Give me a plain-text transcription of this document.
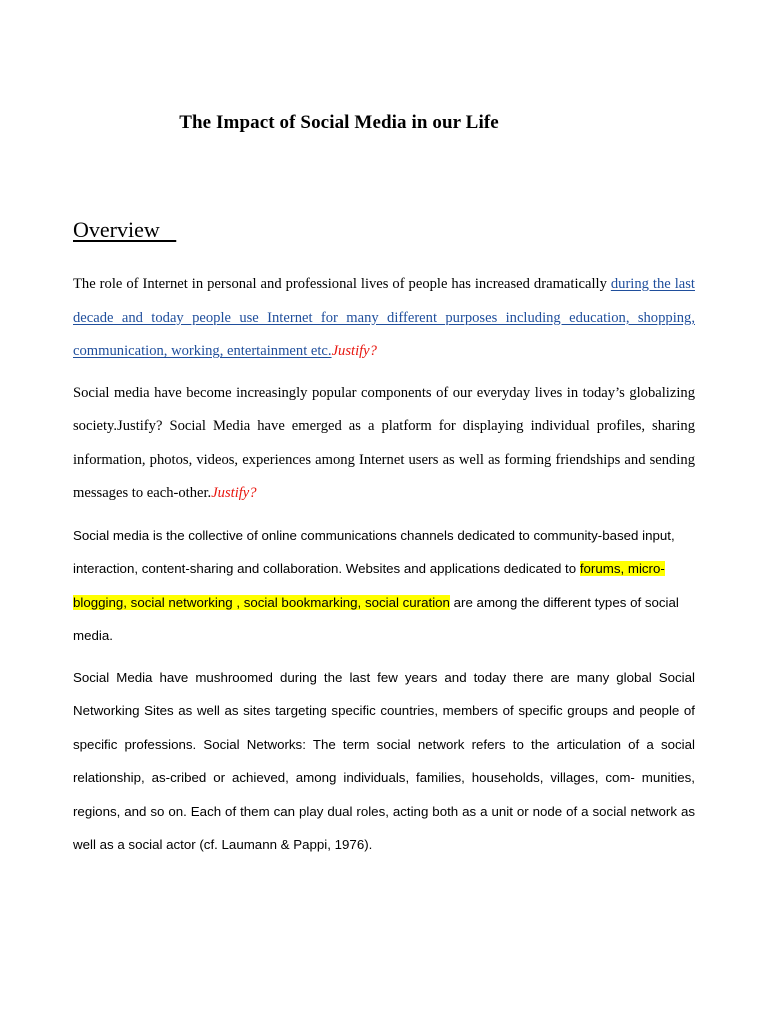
The Impact of Social Media in our Life
Overview

The role of Internet in personal and professional lives of people has increased dramatically during the last decade and today people use Internet for many different purposes including education, shopping, communication, working, entertainment etc.Justify?

Social media have become increasingly popular components of our everyday lives in today’s globalizing society.Justify? Social Media have emerged as a platform for displaying individual profiles, sharing information, photos, videos, experiences among Internet users as well as forming friendships and sending messages to each-other.Justify?

Social media is the collective of online communications channels dedicated to community-based input, interaction, content-sharing and collaboration. Websites and applications dedicated to forums, micro-blogging, social networking , social bookmarking, social curation are among the different types of social media.

Social Media have mushroomed during the last few years and today there are many global Social Networking Sites as well as sites targeting specific countries, members of specific groups and people of specific professions. Social Networks: The term social network refers to the articulation of a social relationship, as-cribed or achieved, among individuals, families, households, villages, com- munities, regions, and so on. Each of them can play dual roles, acting both as a unit or node of a social network as well as a social actor (cf. Laumann & Pappi, 1976).
